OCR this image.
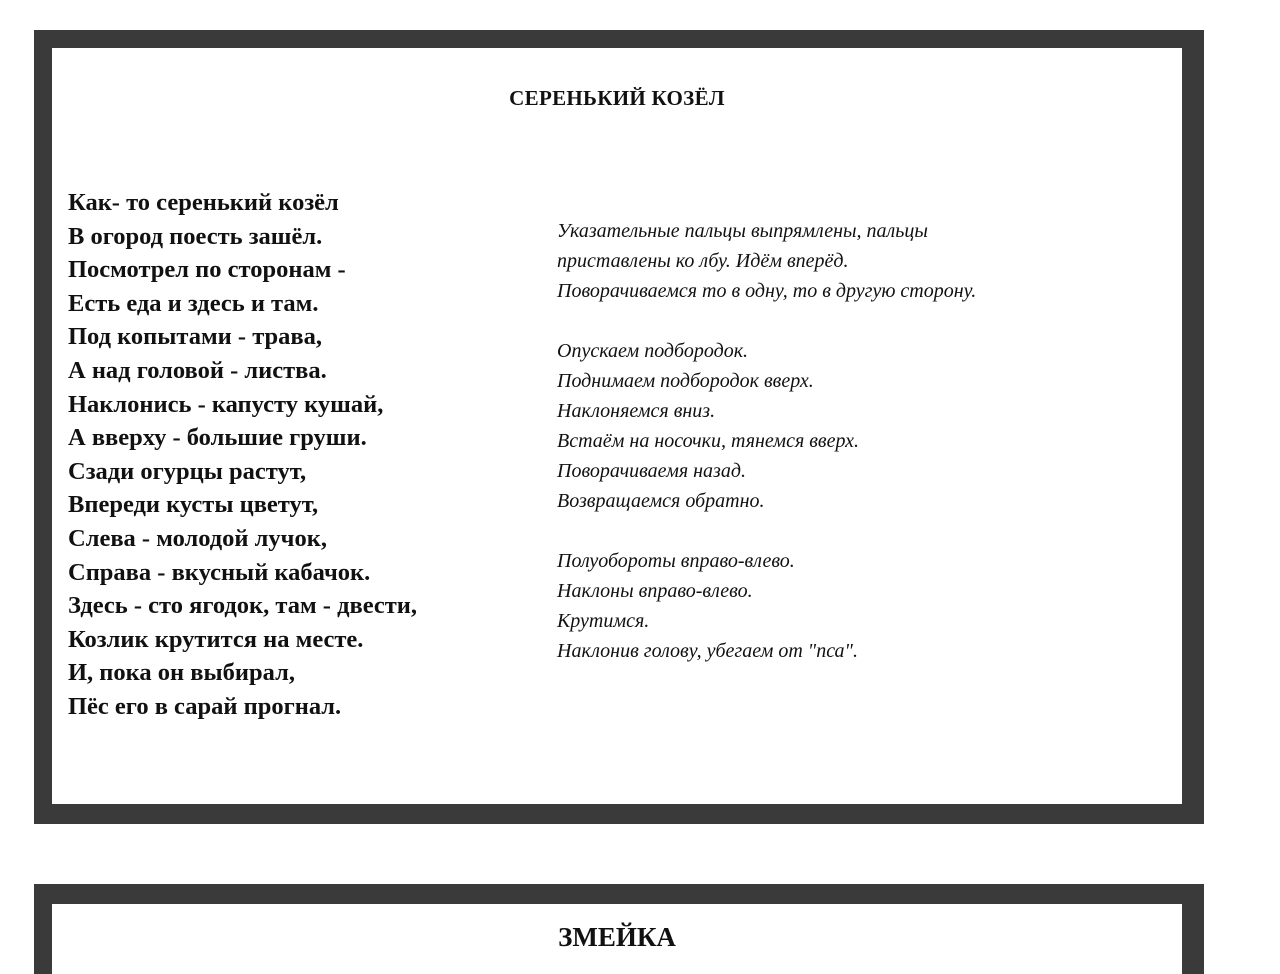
СЕРЕНЬКИЙ КОЗЁЛ
Как- то серенький козёл
В огород поесть зашёл.
Посмотрел по сторонам -
Есть еда и здесь и там.
Под копытами - трава,
А над головой - листва.
Наклонись - капусту кушай,
А вверху - большие груши.
Сзади огурцы растут,
Впереди кусты цветут,
Слева - молодой лучок,
Справа - вкусный кабачок.
Здесь - сто ягодок, там - двести,
Козлик крутится на месте.
И, пока он выбирал,
Пёс его в сарай прогнал.
Указательные пальцы выпрямлены, пальцы
приставлены ко лбу. Идём вперёд.
Поворачиваемся то в одну, то в другую сторону.
Опускаем подбородок.
Поднимаем подбородок вверх.
Наклоняемся вниз.
Встаём на носочки, тянемся вверх.
Поворачиваемя назад.
Возвращаемся обратно.
Полуобороты вправо-влево.
Наклоны вправо-влево.
Крутимся.
Наклонив голову, убегаем от "пса".
ЗМЕЙКА
